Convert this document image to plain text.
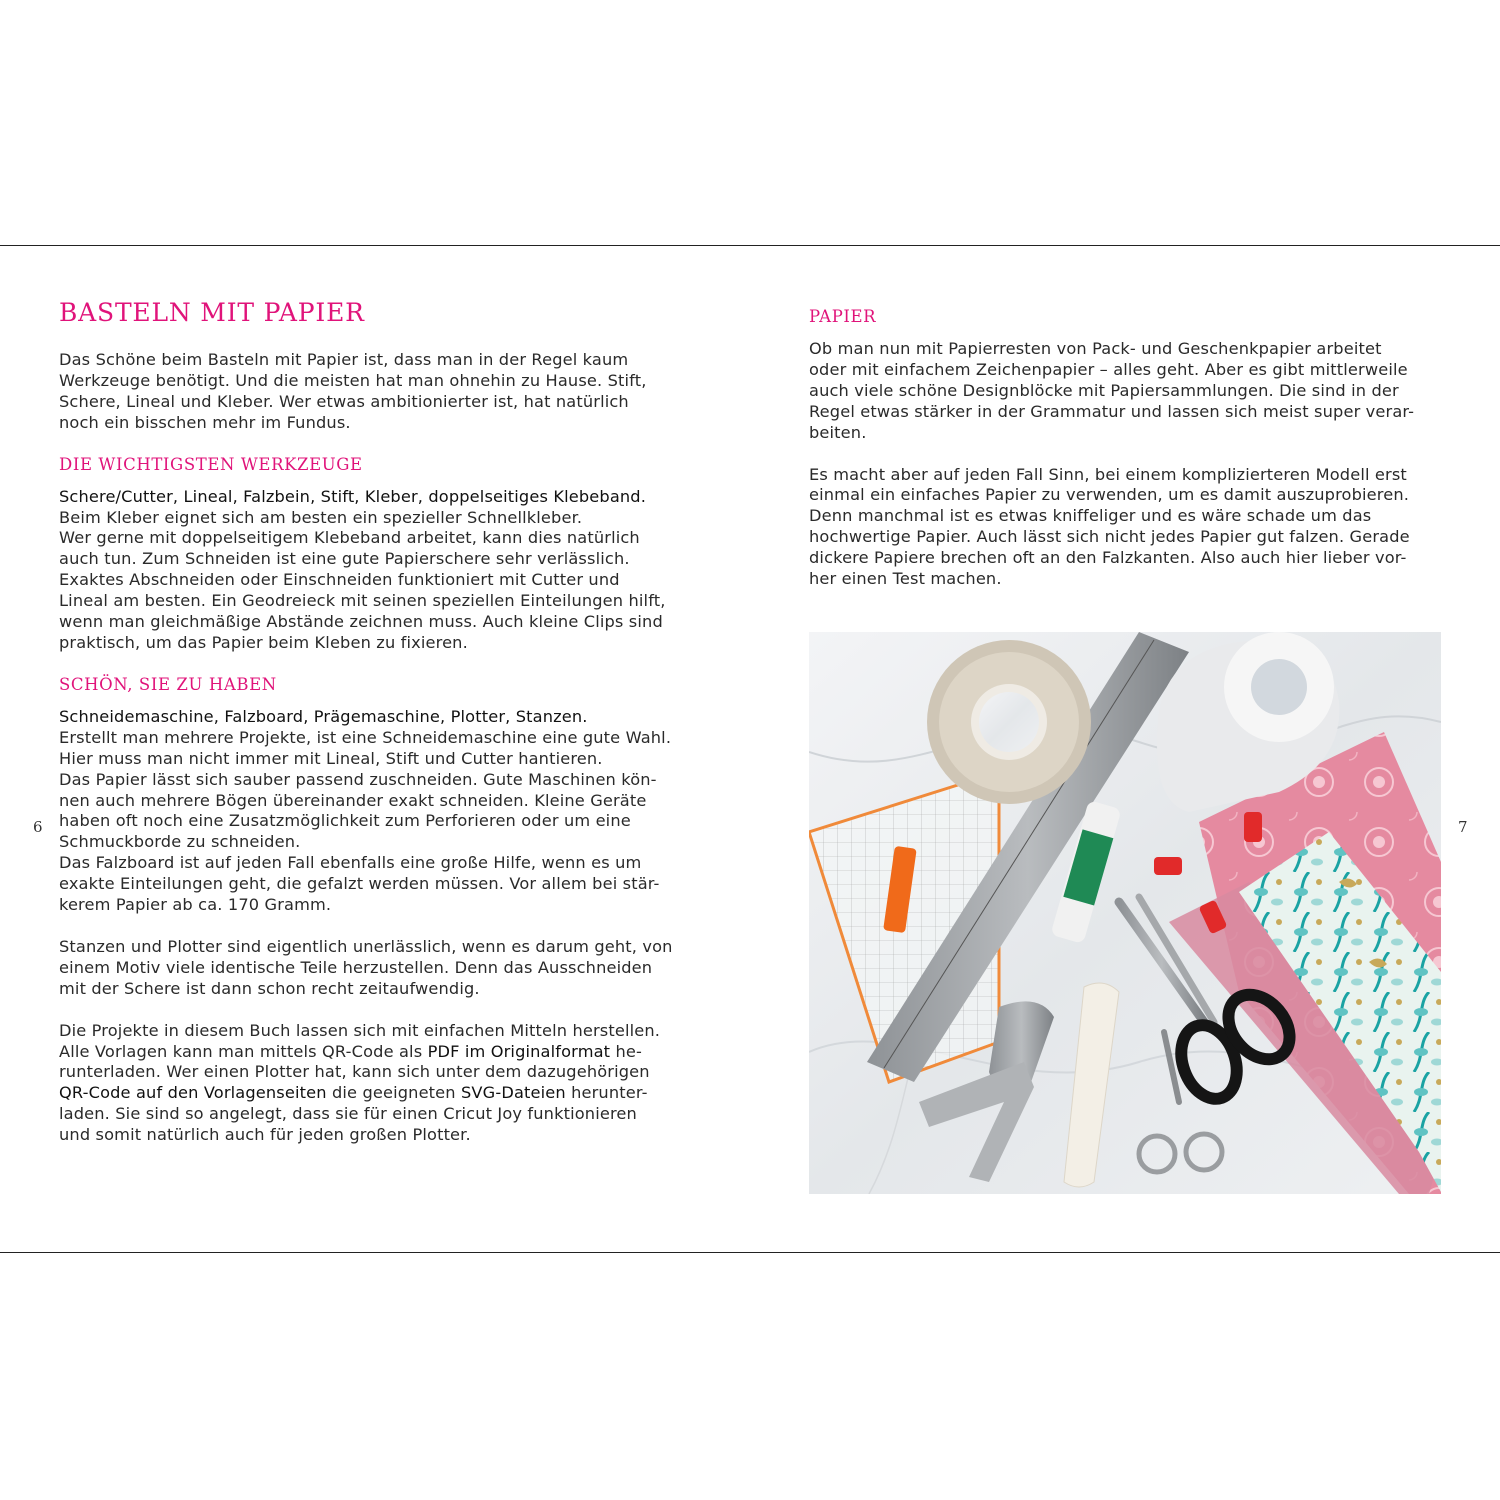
BASTELN MIT PAPIER
Das Schöne beim Basteln mit Papier ist, dass man in der Regel kaum
Werkzeuge benötigt. Und die meisten hat man ohnehin zu Hause. Stift,
Schere, Lineal und Kleber. Wer etwas ambitionierter ist, hat natürlich
noch ein bisschen mehr im Fundus.
DIE WICHTIGSTEN WERKZEUGE
Schere/Cutter, Lineal, Falzbein, Stift, Kleber, doppelseitiges Klebeband.
Beim Kleber eignet sich am besten ein spezieller Schnellkleber.
Wer gerne mit doppelseitigem Klebeband arbeitet, kann dies natürlich
auch tun. Zum Schneiden ist eine gute Papierschere sehr verlässlich.
Exaktes Abschneiden oder Einschneiden funktioniert mit Cutter und
Lineal am besten. Ein Geodreieck mit seinen speziellen Einteilungen hilft,
wenn man gleichmäßige Abstände zeichnen muss. Auch kleine Clips sind
praktisch, um das Papier beim Kleben zu fixieren.
SCHÖN, SIE ZU HABEN
Schneidemaschine, Falzboard, Prägemaschine, Plotter, Stanzen.
Erstellt man mehrere Projekte, ist eine Schneidemaschine eine gute Wahl.
Hier muss man nicht immer mit Lineal, Stift und Cutter hantieren.
Das Papier lässt sich sauber passend zuschneiden. Gute Maschinen kön-
nen auch mehrere Bögen übereinander exakt schneiden. Kleine Geräte
haben oft noch eine Zusatzmöglichkeit zum Perforieren oder um eine
Schmuckborde zu schneiden.
Das Falzboard ist auf jeden Fall ebenfalls eine große Hilfe, wenn es um
exakte Einteilungen geht, die gefalzt werden müssen. Vor allem bei stär-
kerem Papier ab ca. 170 Gramm.
Stanzen und Plotter sind eigentlich unerlässlich, wenn es darum geht, von
einem Motiv viele identische Teile herzustellen. Denn das Ausschneiden
mit der Schere ist dann schon recht zeitaufwendig.
Die Projekte in diesem Buch lassen sich mit einfachen Mitteln herstellen.
Alle Vorlagen kann man mittels QR-Code als PDF im Originalformat he-
runterladen. Wer einen Plotter hat, kann sich unter dem dazugehörigen
QR-Code auf den Vorlagenseiten die geeigneten SVG-Dateien herunter-
laden. Sie sind so angelegt, dass sie für einen Cricut Joy funktionieren
und somit natürlich auch für jeden großen Plotter.
PAPIER
Ob man nun mit Papierresten von Pack- und Geschenkpapier arbeitet
oder mit einfachem Zeichenpapier – alles geht. Aber es gibt mittlerweile
auch viele schöne Designblöcke mit Papiersammlungen. Die sind in der
Regel etwas stärker in der Grammatur und lassen sich meist super verar-
beiten.
Es macht aber auf jeden Fall Sinn, bei einem komplizierteren Modell erst
einmal ein einfaches Papier zu verwenden, um es damit auszuprobieren.
Denn manchmal ist es etwas kniffeliger und es wäre schade um das
hochwertige Papier. Auch lässt sich nicht jedes Papier gut falzen. Gerade
dickere Papiere brechen oft an den Falzkanten. Also auch hier lieber vor-
her einen Test machen.
6	7
